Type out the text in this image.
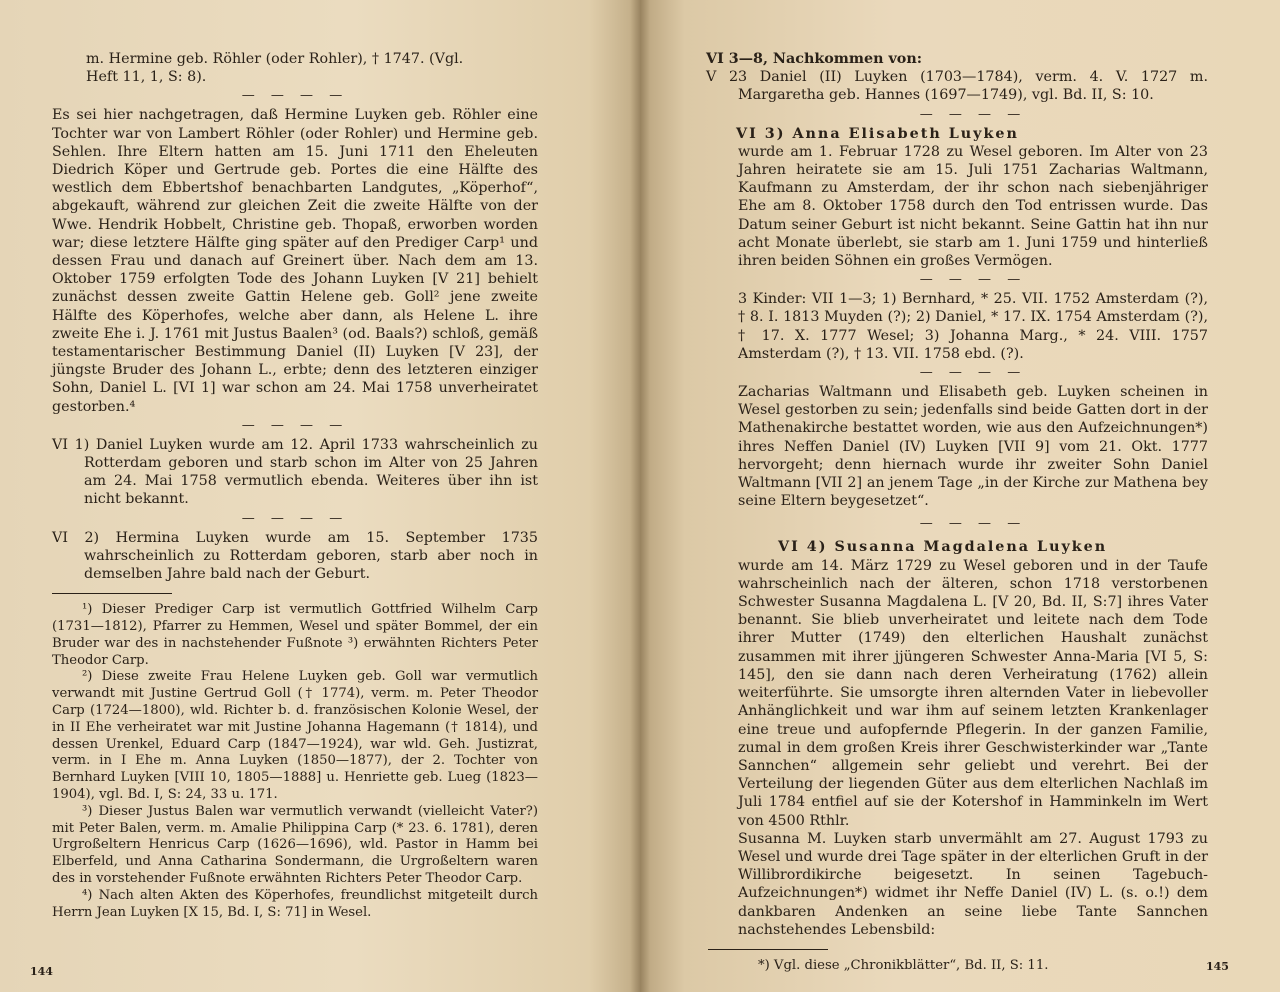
m. Hermine geb. Röhler (oder Rohler), † 1747. (Vgl.

Heft 11, 1, S: 8).

— — — —

Es sei hier nachgetragen, daß Hermine Luyken geb. Röhler eine Tochter war von Lambert Röhler (oder Rohler) und Hermine geb. Sehlen. Ihre Eltern hatten am 15. Juni 1711 den Eheleuten Diedrich Köper und Gertrude geb. Portes die eine Hälfte des westlich dem Ebbertshof benachbarten Landgutes, „Köperhof“, abgekauft, während zur gleichen Zeit die zweite Hälfte von der Wwe. Hendrik Hobbelt, Christine geb. Thopaß, erworben worden war; diese letztere Hälfte ging später auf den Prediger Carp¹ und dessen Frau und danach auf Greinert über. Nach dem am 13. Oktober 1759 erfolgten Tode des Johann Luyken [V 21] behielt zunächst dessen zweite Gattin Helene geb. Goll² jene zweite Hälfte des Köperhofes, welche aber dann, als Helene L. ihre zweite Ehe i. J. 1761 mit Justus Baalen³ (od. Baals?) schloß, gemäß testamentarischer Bestimmung Daniel (II) Luyken [V 23], der jüngste Bruder des Johann L., erbte; denn des letzteren einziger Sohn, Daniel L. [VI 1] war schon am 24. Mai 1758 unverheiratet gestorben.⁴

— — — —

VI 1) Daniel Luyken wurde am 12. April 1733 wahrscheinlich zu Rotterdam geboren und starb schon im Alter von 25 Jahren am 24. Mai 1758 vermutlich ebenda. Weiteres über ihn ist nicht bekannt.

— — — —

VI 2) Hermina Luyken wurde am 15. September 1735 wahrscheinlich zu Rotterdam geboren, starb aber noch in demselben Jahre bald nach der Geburt.

¹) Dieser Prediger Carp ist vermutlich Gottfried Wilhelm Carp (1731—1812), Pfarrer zu Hemmen, Wesel und später Bommel, der ein Bruder war des in nachstehender Fußnote ³) erwähnten Richters Peter Theodor Carp.

²) Diese zweite Frau Helene Luyken geb. Goll war vermutlich verwandt mit Justine Gertrud Goll († 1774), verm. m. Peter Theodor Carp (1724—1800), wld. Richter b. d. französischen Kolonie Wesel, der in II Ehe verheiratet war mit Justine Johanna Hagemann († 1814), und dessen Urenkel, Eduard Carp (1847—1924), war wld. Geh. Justizrat, verm. in I Ehe m. Anna Luyken (1850—1877), der 2. Tochter von Bernhard Luyken [VIII 10, 1805—1888] u. Henriette geb. Lueg (1823—1904), vgl. Bd. I, S: 24, 33 u. 171.

³) Dieser Justus Balen war vermutlich verwandt (vielleicht Vater?) mit Peter Balen, verm. m. Amalie Philippina Carp (* 23. 6. 1781), deren Urgroßeltern Henricus Carp (1626—1696), wld. Pastor in Hamm bei Elberfeld, und Anna Catharina Sondermann, die Urgroßeltern waren des in vorstehender Fußnote erwähnten Richters Peter Theodor Carp.

⁴) Nach alten Akten des Köperhofes, freundlichst mitgeteilt durch Herrn Jean Luyken [X 15, Bd. I, S: 71] in Wesel.

144

VI 3—8, Nachkommen von:

V 23 Daniel (II) Luyken (1703—1784), verm. 4. V. 1727 m. Margaretha geb. Hannes (1697—1749), vgl. Bd. II, S: 10.

— — — —

VI 3) Anna Elisabeth Luyken

wurde am 1. Februar 1728 zu Wesel geboren. Im Alter von 23 Jahren heiratete sie am 15. Juli 1751 Zacharias Waltmann, Kaufmann zu Amsterdam, der ihr schon nach siebenjähriger Ehe am 8. Oktober 1758 durch den Tod entrissen wurde. Das Datum seiner Geburt ist nicht bekannt. Seine Gattin hat ihn nur acht Monate überlebt, sie starb am 1. Juni 1759 und hinterließ ihren beiden Söhnen ein großes Vermögen.

— — — —

3 Kinder: VII 1—3; 1) Bernhard, * 25. VII. 1752 Amsterdam (?), † 8. I. 1813 Muyden (?); 2) Daniel, * 17. IX. 1754 Amsterdam (?), † 17. X. 1777 Wesel; 3) Johanna Marg., * 24. VIII. 1757 Amsterdam (?), † 13. VII. 1758 ebd. (?).

— — — —

Zacharias Waltmann und Elisabeth geb. Luyken scheinen in Wesel gestorben zu sein; jedenfalls sind beide Gatten dort in der Mathenakirche bestattet worden, wie aus den Aufzeichnungen*) ihres Neffen Daniel (IV) Luyken [VII 9] vom 21. Okt. 1777 hervorgeht; denn hiernach wurde ihr zweiter Sohn Daniel Waltmann [VII 2] an jenem Tage „in der Kirche zur Mathena bey seine Eltern beygesetzet“.

— — — —

VI 4) Susanna Magdalena Luyken

wurde am 14. März 1729 zu Wesel geboren und in der Taufe wahrscheinlich nach der älteren, schon 1718 verstorbenen Schwester Susanna Magdalena L. [V 20, Bd. II, S:7] ihres Vater benannt. Sie blieb unverheiratet und leitete nach dem Tode ihrer Mutter (1749) den elterlichen Haushalt zunächst zusammen mit ihrer jjüngeren Schwester Anna-Maria [VI 5, S: 145], den sie dann nach deren Verheiratung (1762) allein weiterführte. Sie umsorgte ihren alternden Vater in liebevoller Anhänglichkeit und war ihm auf seinem letzten Krankenlager eine treue und aufopfernde Pflegerin. In der ganzen Familie, zumal in dem großen Kreis ihrer Geschwisterkinder war „Tante Sannchen“ allgemein sehr geliebt und verehrt. Bei der Verteilung der liegenden Güter aus dem elterlichen Nachlaß im Juli 1784 entfiel auf sie der Kotershof in Hamminkeln im Wert von 4500 Rthlr.

Susanna M. Luyken starb unvermählt am 27. August 1793 zu Wesel und wurde drei Tage später in der elterlichen Gruft in der Willibrordikirche beigesetzt. In seinen Tagebuch-Aufzeichnungen*) widmet ihr Neffe Daniel (IV) L. (s. o.!) dem dankbaren Andenken an seine liebe Tante Sannchen nachstehendes Lebensbild:

*) Vgl. diese „Chronikblätter“, Bd. II, S: 11.	145
